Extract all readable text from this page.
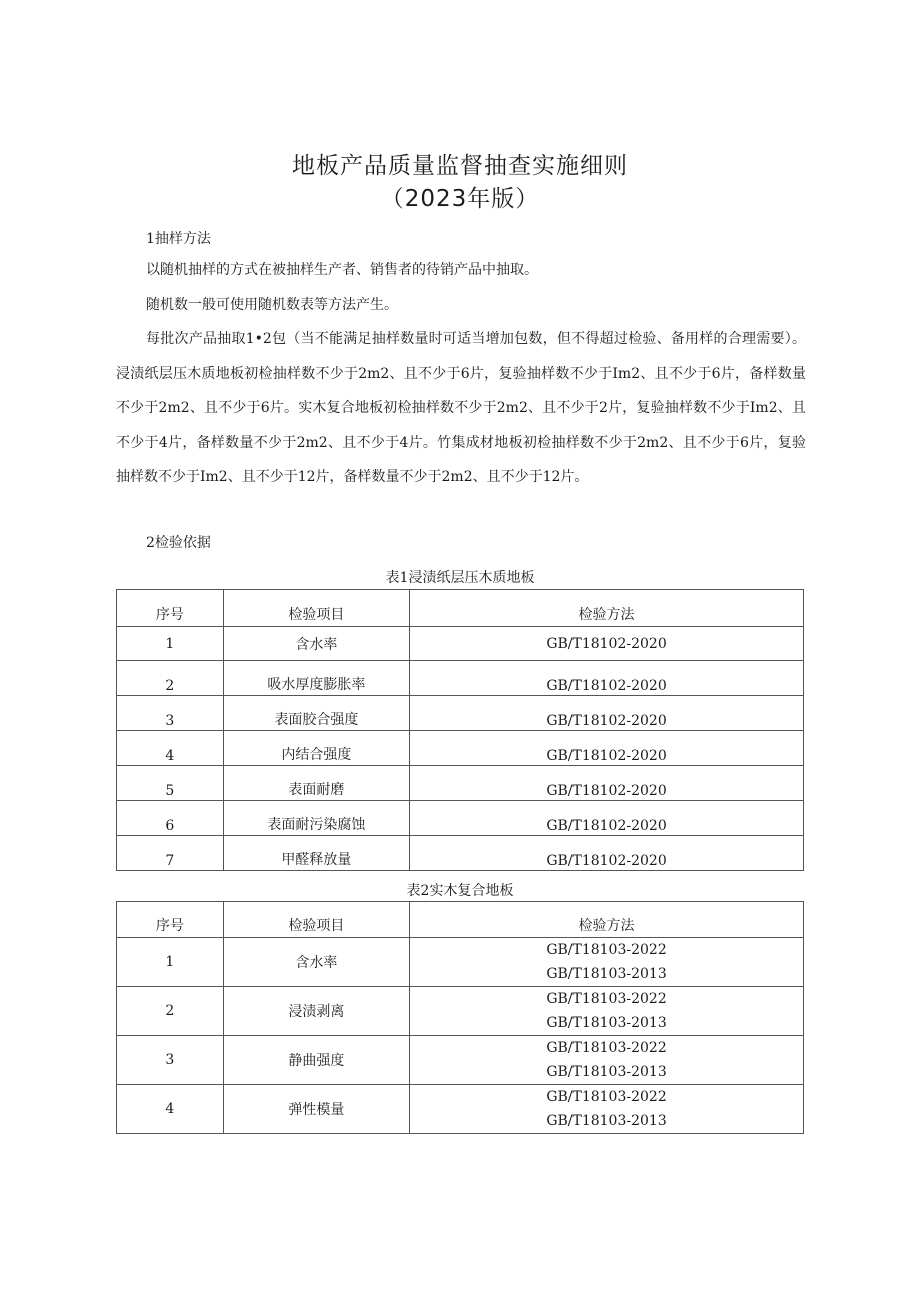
地板产品质量监督抽查实施细则
（2023年版）
1抽样方法
以随机抽样的方式在被抽样生产者、销售者的待销产品中抽取。
随机数一般可使用随机数表等方法产生。
每批次产品抽取1•2包（当不能满足抽样数量时可适当增加包数，但不得超过检验、备用样的合理需要）。浸渍纸层压木质地板初检抽样数不少于2m2、且不少于6片，复验抽样数不少于Im2、且不少于6片，备样数量不少于2m2、且不少于6片。实木复合地板初检抽样数不少于2m2、且不少于2片，复验抽样数不少于Im2、且不少于4片，备样数量不少于2m2、且不少于4片。竹集成材地板初检抽样数不少于2m2、且不少于6片，复验抽样数不少于Im2、且不少于12片，备样数量不少于2m2、且不少于12片。
2检验依据
表1浸渍纸层压木质地板
序号	检验项目	检验方法
1	含水率	GB/T18102-2020
2	吸水厚度膨胀率	GB/T18102-2020
3	表面胶合强度	GB/T18102-2020
4	内结合强度	GB/T18102-2020
5	表面耐磨	GB/T18102-2020
6	表面耐污染腐蚀	GB/T18102-2020
7	甲醛释放量	GB/T18102-2020
表2实木复合地板
序号	检验项目	检验方法
1	含水率	GB/T18103-2022
GB/T18103-2013

2	浸渍剥离	GB/T18103-2022
GB/T18103-2013

3	静曲强度	GB/T18103-2022
GB/T18103-2013

4	弹性模量	GB/T18103-2022
GB/T18103-2013
